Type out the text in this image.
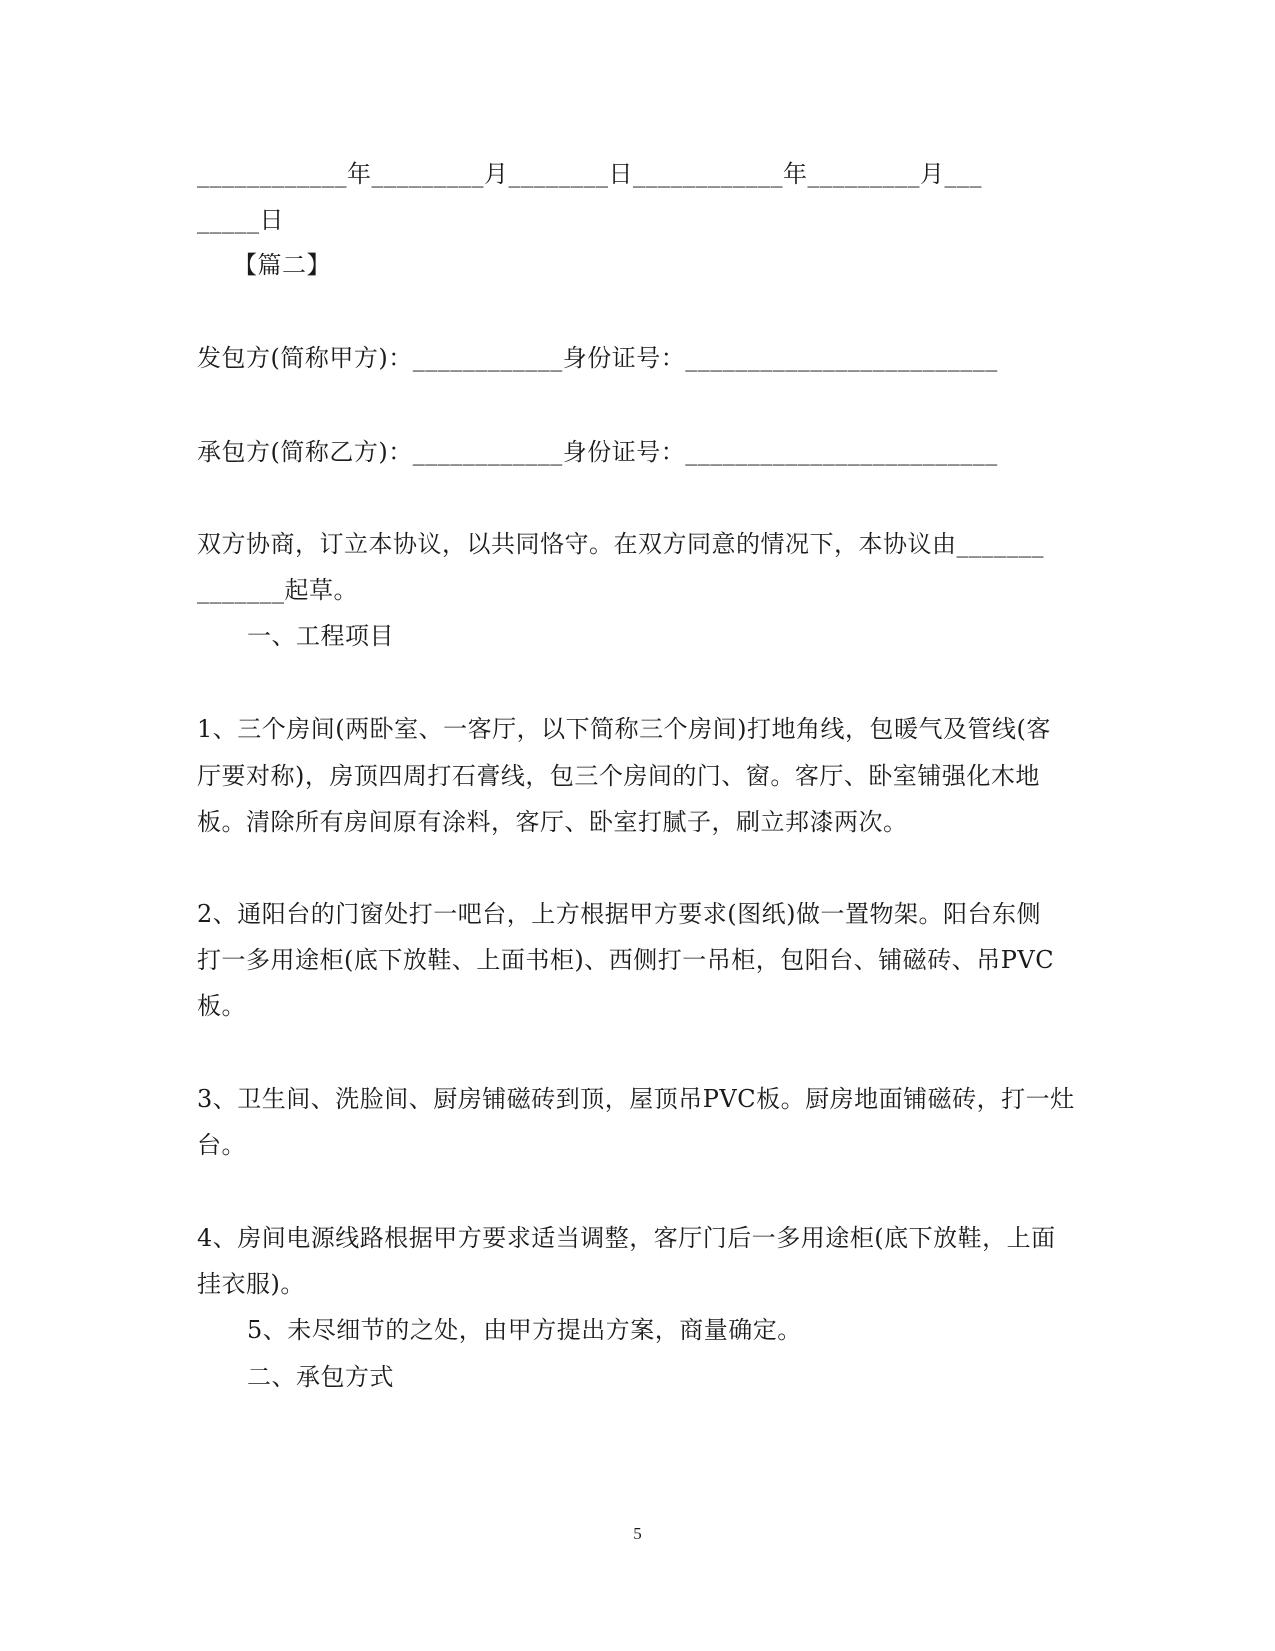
____________年_________月________日____________年_________月___
_____日
【篇二】
发包方(简称甲方)：____________身份证号：_________________________
承包方(简称乙方)：____________身份证号：_________________________
双方协商，订立本协议，以共同恪守。在双方同意的情况下，本协议由_______
_______起草。
一、工程项目
1、三个房间(两卧室、一客厅，以下简称三个房间)打地角线，包暖气及管线(客
厅要对称)，房顶四周打石膏线，包三个房间的门、窗。客厅、卧室铺强化木地
板。清除所有房间原有涂料，客厅、卧室打腻子，刷立邦漆两次。
2、通阳台的门窗处打一吧台，上方根据甲方要求(图纸)做一置物架。阳台东侧
打一多用途柜(底下放鞋、上面书柜)、西侧打一吊柜，包阳台、铺磁砖、吊PVC
板。
3、卫生间、洗脸间、厨房铺磁砖到顶，屋顶吊PVC板。厨房地面铺磁砖，打一灶
台。
4、房间电源线路根据甲方要求适当调整，客厅门后一多用途柜(底下放鞋，上面
挂衣服)。
5、未尽细节的之处，由甲方提出方案，商量确定。
二、承包方式
5
